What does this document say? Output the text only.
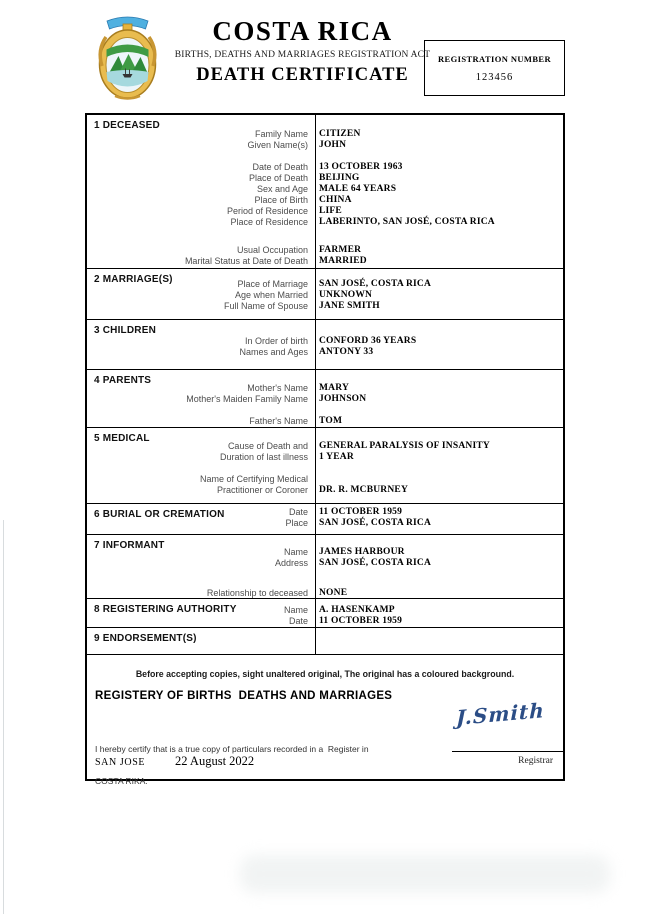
COSTA RICA
BIRTHS, DEATHS AND MARRIAGES REGISTRATION ACT
DEATH CERTIFICATE
REGISTRATION NUMBER
123456
1 DECEASED
Family Name	CITIZEN
Given Name(s)	JOHN
Date of Death	13 OCTOBER 1963
Place of Death	BEIJING
Sex and Age	MALE 64 YEARS
Place of Birth	CHINA
Period of Residence	LIFE
Place of Residence	LABERINTO, SAN JOSÉ, COSTA RICA
Usual Occupation	FARMER
Marital Status at Date of Death	MARRIED
2 MARRIAGE(S)	Place of Marriage	SAN JOSÉ, COSTA RICA
Age when Married	UNKNOWN
Full Name of Spouse	JANE SMITH
3 CHILDREN
In Order of birth	CONFORD 36 YEARS
Names and Ages	ANTONY 33
4 PARENTS
Mother's Name	MARY
Mother's Maiden Family Name	JOHNSON
Father's Name	TOM
5 MEDICAL
Cause of Death and	GENERAL PARALYSIS OF INSANITY
Duration of last illness	1 YEAR
Name of Certifying Medical
Practitioner or Coroner	DR. R. MCBURNEY
6 BURIAL OR CREMATION	Date	11 OCTOBER 1959
Place	SAN JOSÉ, COSTA RICA
7 INFORMANT
Name	JAMES HARBOUR
Address	SAN JOSÉ, COSTA RICA
Relationship to deceased	NONE
8 REGISTERING AUTHORITY	Name	A. HASENKAMP
Date	11 OCTOBER 1959
9 ENDORSEMENT(S)
Before accepting copies, sight unaltered original, The original has a coloured background.
REGISTERY OF BIRTHS  DEATHS AND MARRIAGES

I hereby certify that is a true copy of particulars recorded in a  Register in

COSTA RIKA.

J.Smith
Registrar
SAN JOSE 22 August 2022
